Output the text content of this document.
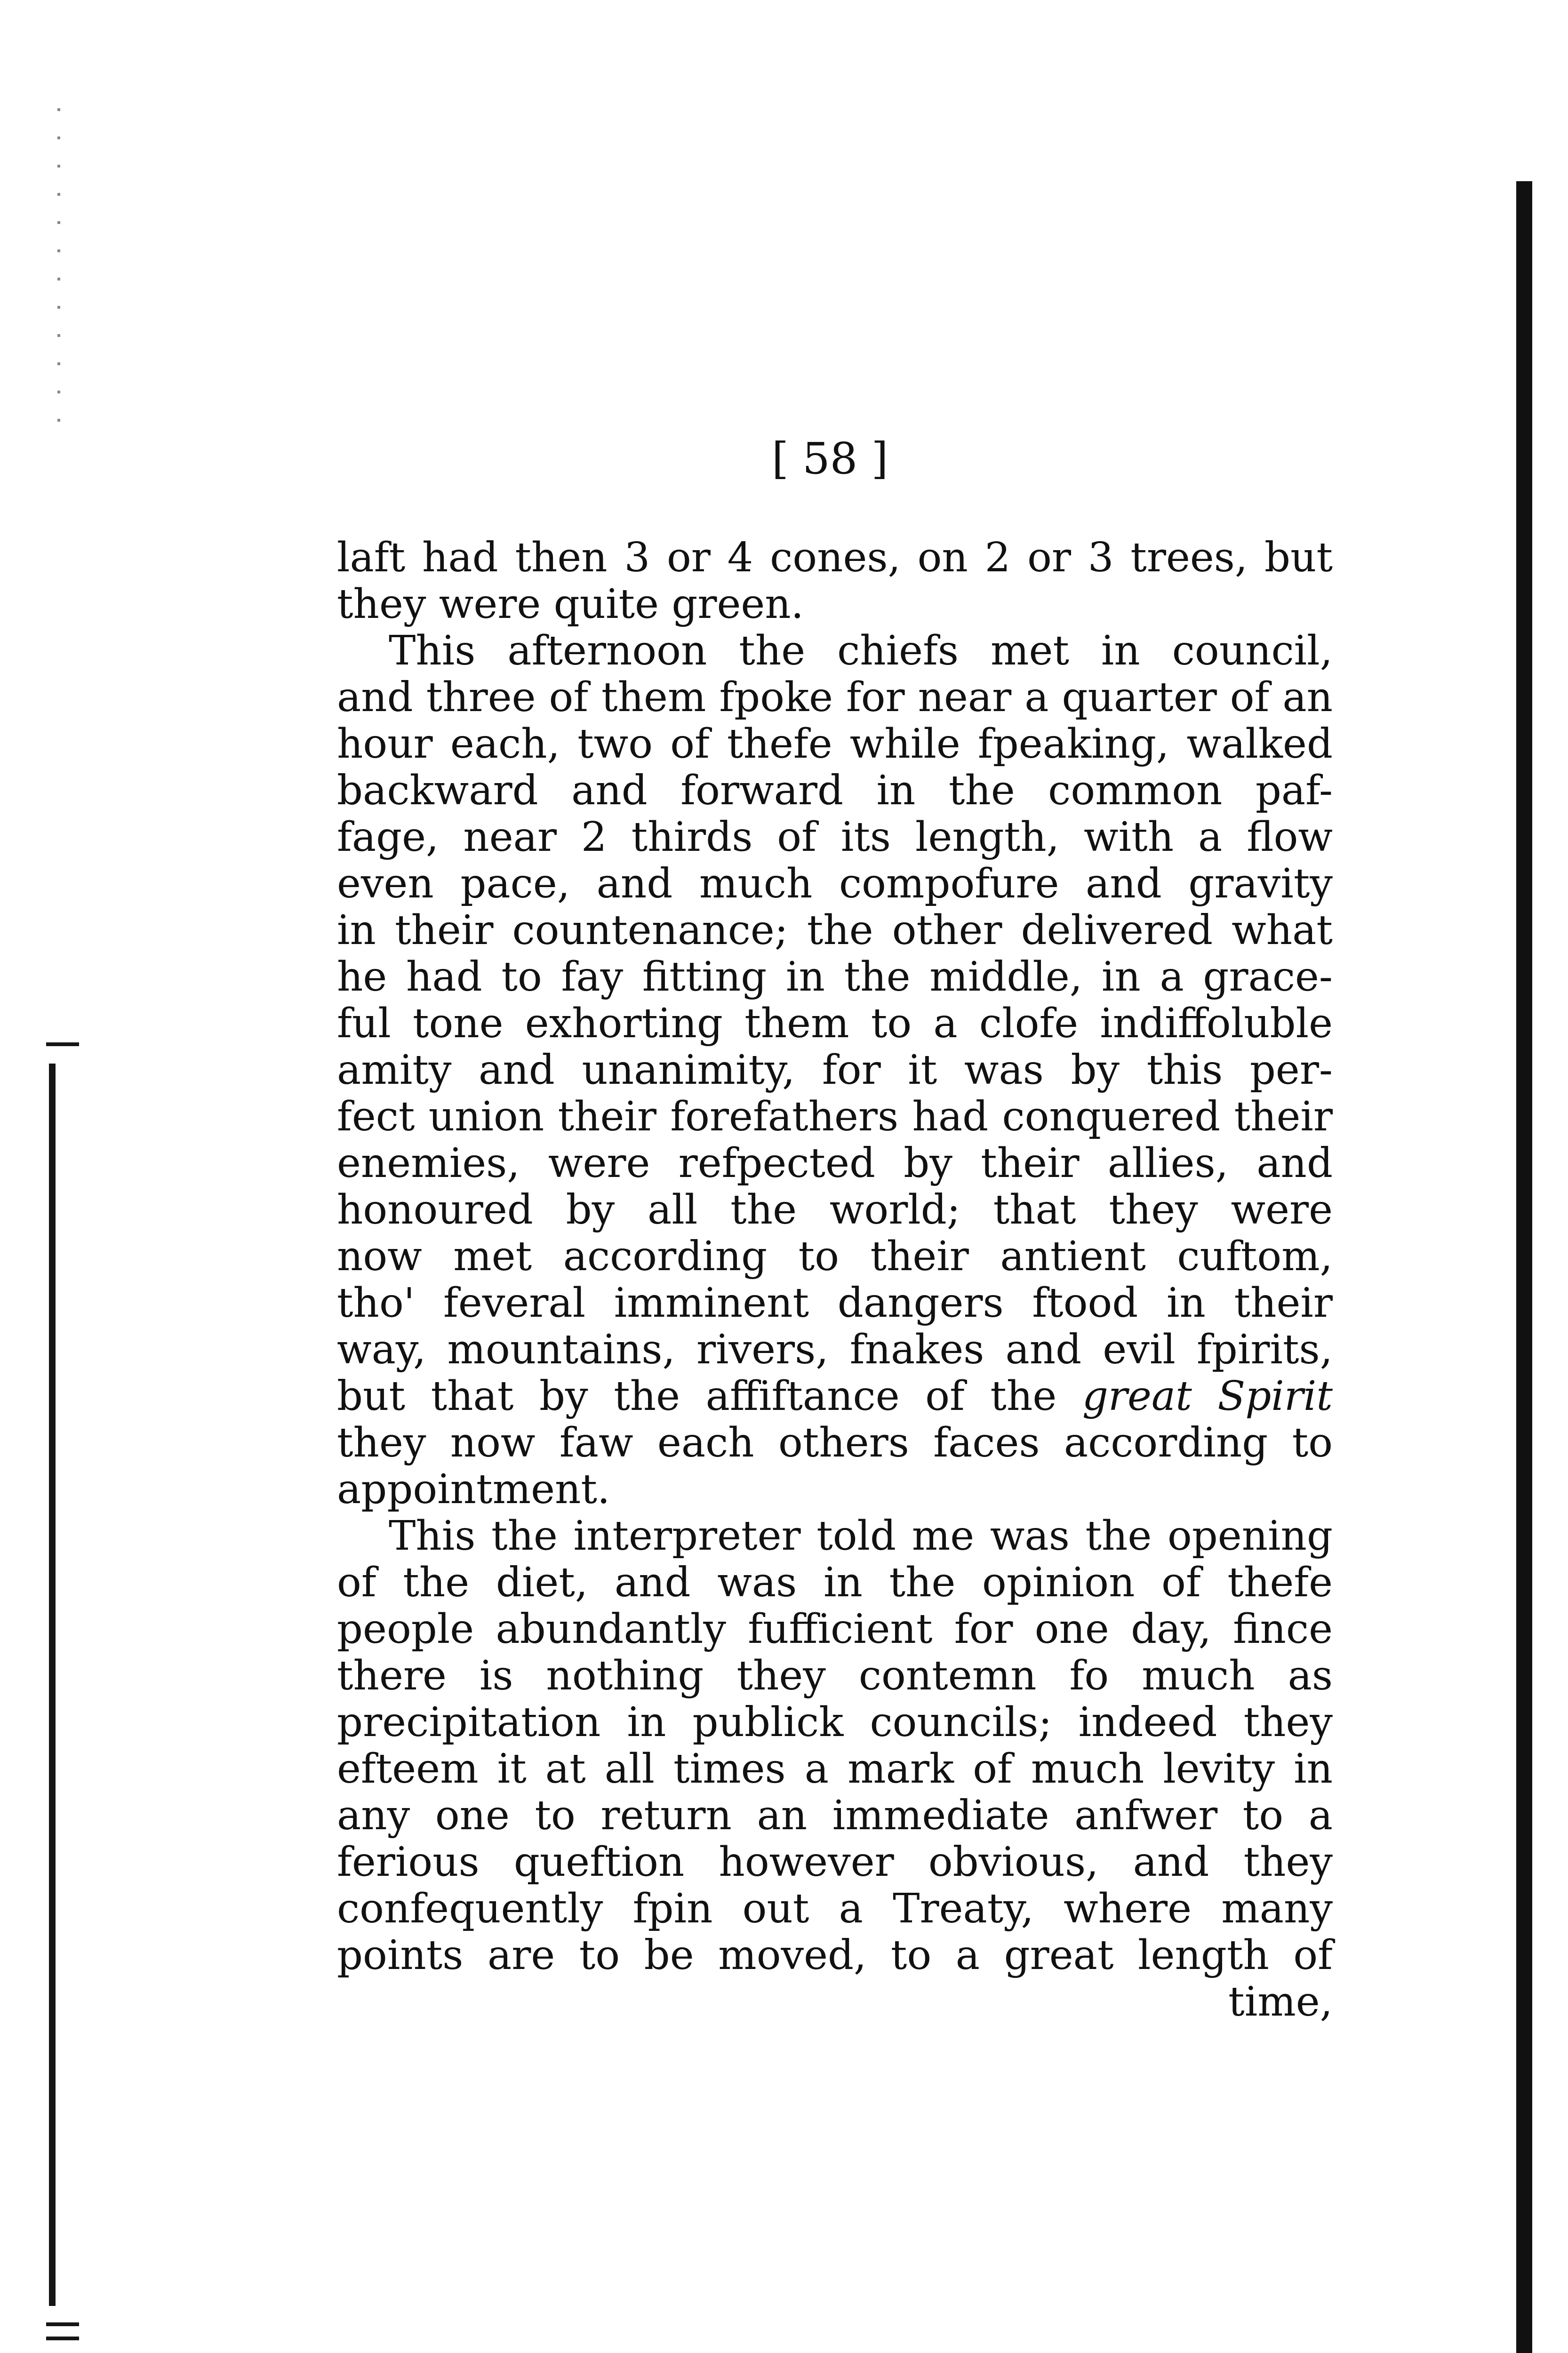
[ 58 ]
laft had then 3 or 4 cones, on 2 or 3 trees, but
they were quite green.
This afternoon the chiefs met in council,
and three of them fpoke for near a quarter of an
hour each, two of thefe while fpeaking, walked
backward and forward in the common paf-
fage, near 2 thirds of its length, with a flow
even pace, and much compofure and gravity
in their countenance; the other delivered what
he had to fay fitting in the middle, in a grace-
ful tone exhorting them to a clofe indiffoluble
amity and unanimity, for it was by this per-
fect union their forefathers had conquered their
enemies, were refpected by their allies, and
honoured by all the world; that they were
now met according to their antient cuftom,
tho' feveral imminent dangers ftood in their
way, mountains, rivers, fnakes and evil fpirits,
but that by the affiftance of the great Spirit
they now faw each others faces according to
appointment.
This the interpreter told me was the opening
of the diet, and was in the opinion of thefe
people abundantly fufficient for one day, fince
there is nothing they contemn fo much as
precipitation in publick councils; indeed they
efteem it at all times a mark of much levity in
any one to return an immediate anfwer to a
ferious queftion however obvious, and they
confequently fpin out a Treaty, where many
points are to be moved, to a great length of
time,
